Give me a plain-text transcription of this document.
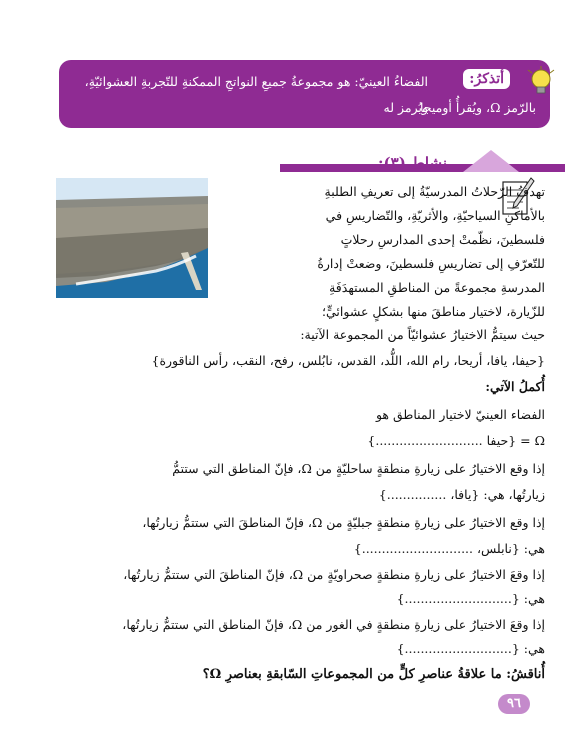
أتذكرُ:
الفضاءُ العينيّ: هو مجموعةُ جميعِ النواتجِ الممكنةِ للتّجربةِ العشوائيّةِ، ويُرمز له
بالرّمز Ω، ويُقرأُ أوميجا.
نشاط (٣):
تهدفُ الرّحلاتُ المدرسيّةُ إلى تعريفِ الطلبةِ
بالأماكنِ السياحيّةِ، والأثريّةِ، والتّضاريسِ في
فلسطينَ، نظّمتْ إحدى المدارسِ رحلاتٍ
للتّعرّفِ إلى تضاريسِ فلسطينَ، وضعتْ إدارةُ
المدرسةِ مجموعةً من المناطقِ المستهدَفَةِ
للزّيارة، لاختيار مناطقَ منها بشكلٍ عشوائيٍّ؛
حيث سيتمُّ الاختيارُ عشوائيّاً من المجموعة الآتية:
{حيفا، يافا، أريحا، رام الله، اللُّد، القدس، نابُلس، رفح، النقب، رأس الناقورة}
أُكملُ الآتي:
الفضاء العينيّ لاختيار المناطق هو
Ω = {حيفا ...........................}
إذا وقع الاختيارُ على زيارةِ منطقةٍ ساحليّةٍ من Ω، فإنّ المناطق التي ستتمُّ
زيارتُها، هي: {يافا، ...............}
إذا وقع الاختيارُ على زيارةِ منطقةٍ جبليّةٍ من Ω، فإنّ المناطقَ التي ستتمُّ زيارتُها،
هي: {نابلس، ............................}
إذا وقعَ الاختيارُ على زيارةِ منطقةٍ صحراويّةٍ من Ω، فإنّ المناطقَ التي ستتمُّ زيارتُها،
هي: {...........................}
إذا وقعَ الاختيارُ على زيارةِ منطقةٍ في الغور من Ω، فإنّ المناطق التي ستتمُّ زيارتُها،
هي: {...........................}
أُناقشُ: ما علاقةُ عناصرِ كلٍّ من المجموعاتِ السّابقةِ بعناصرِ Ω؟
٩٦
